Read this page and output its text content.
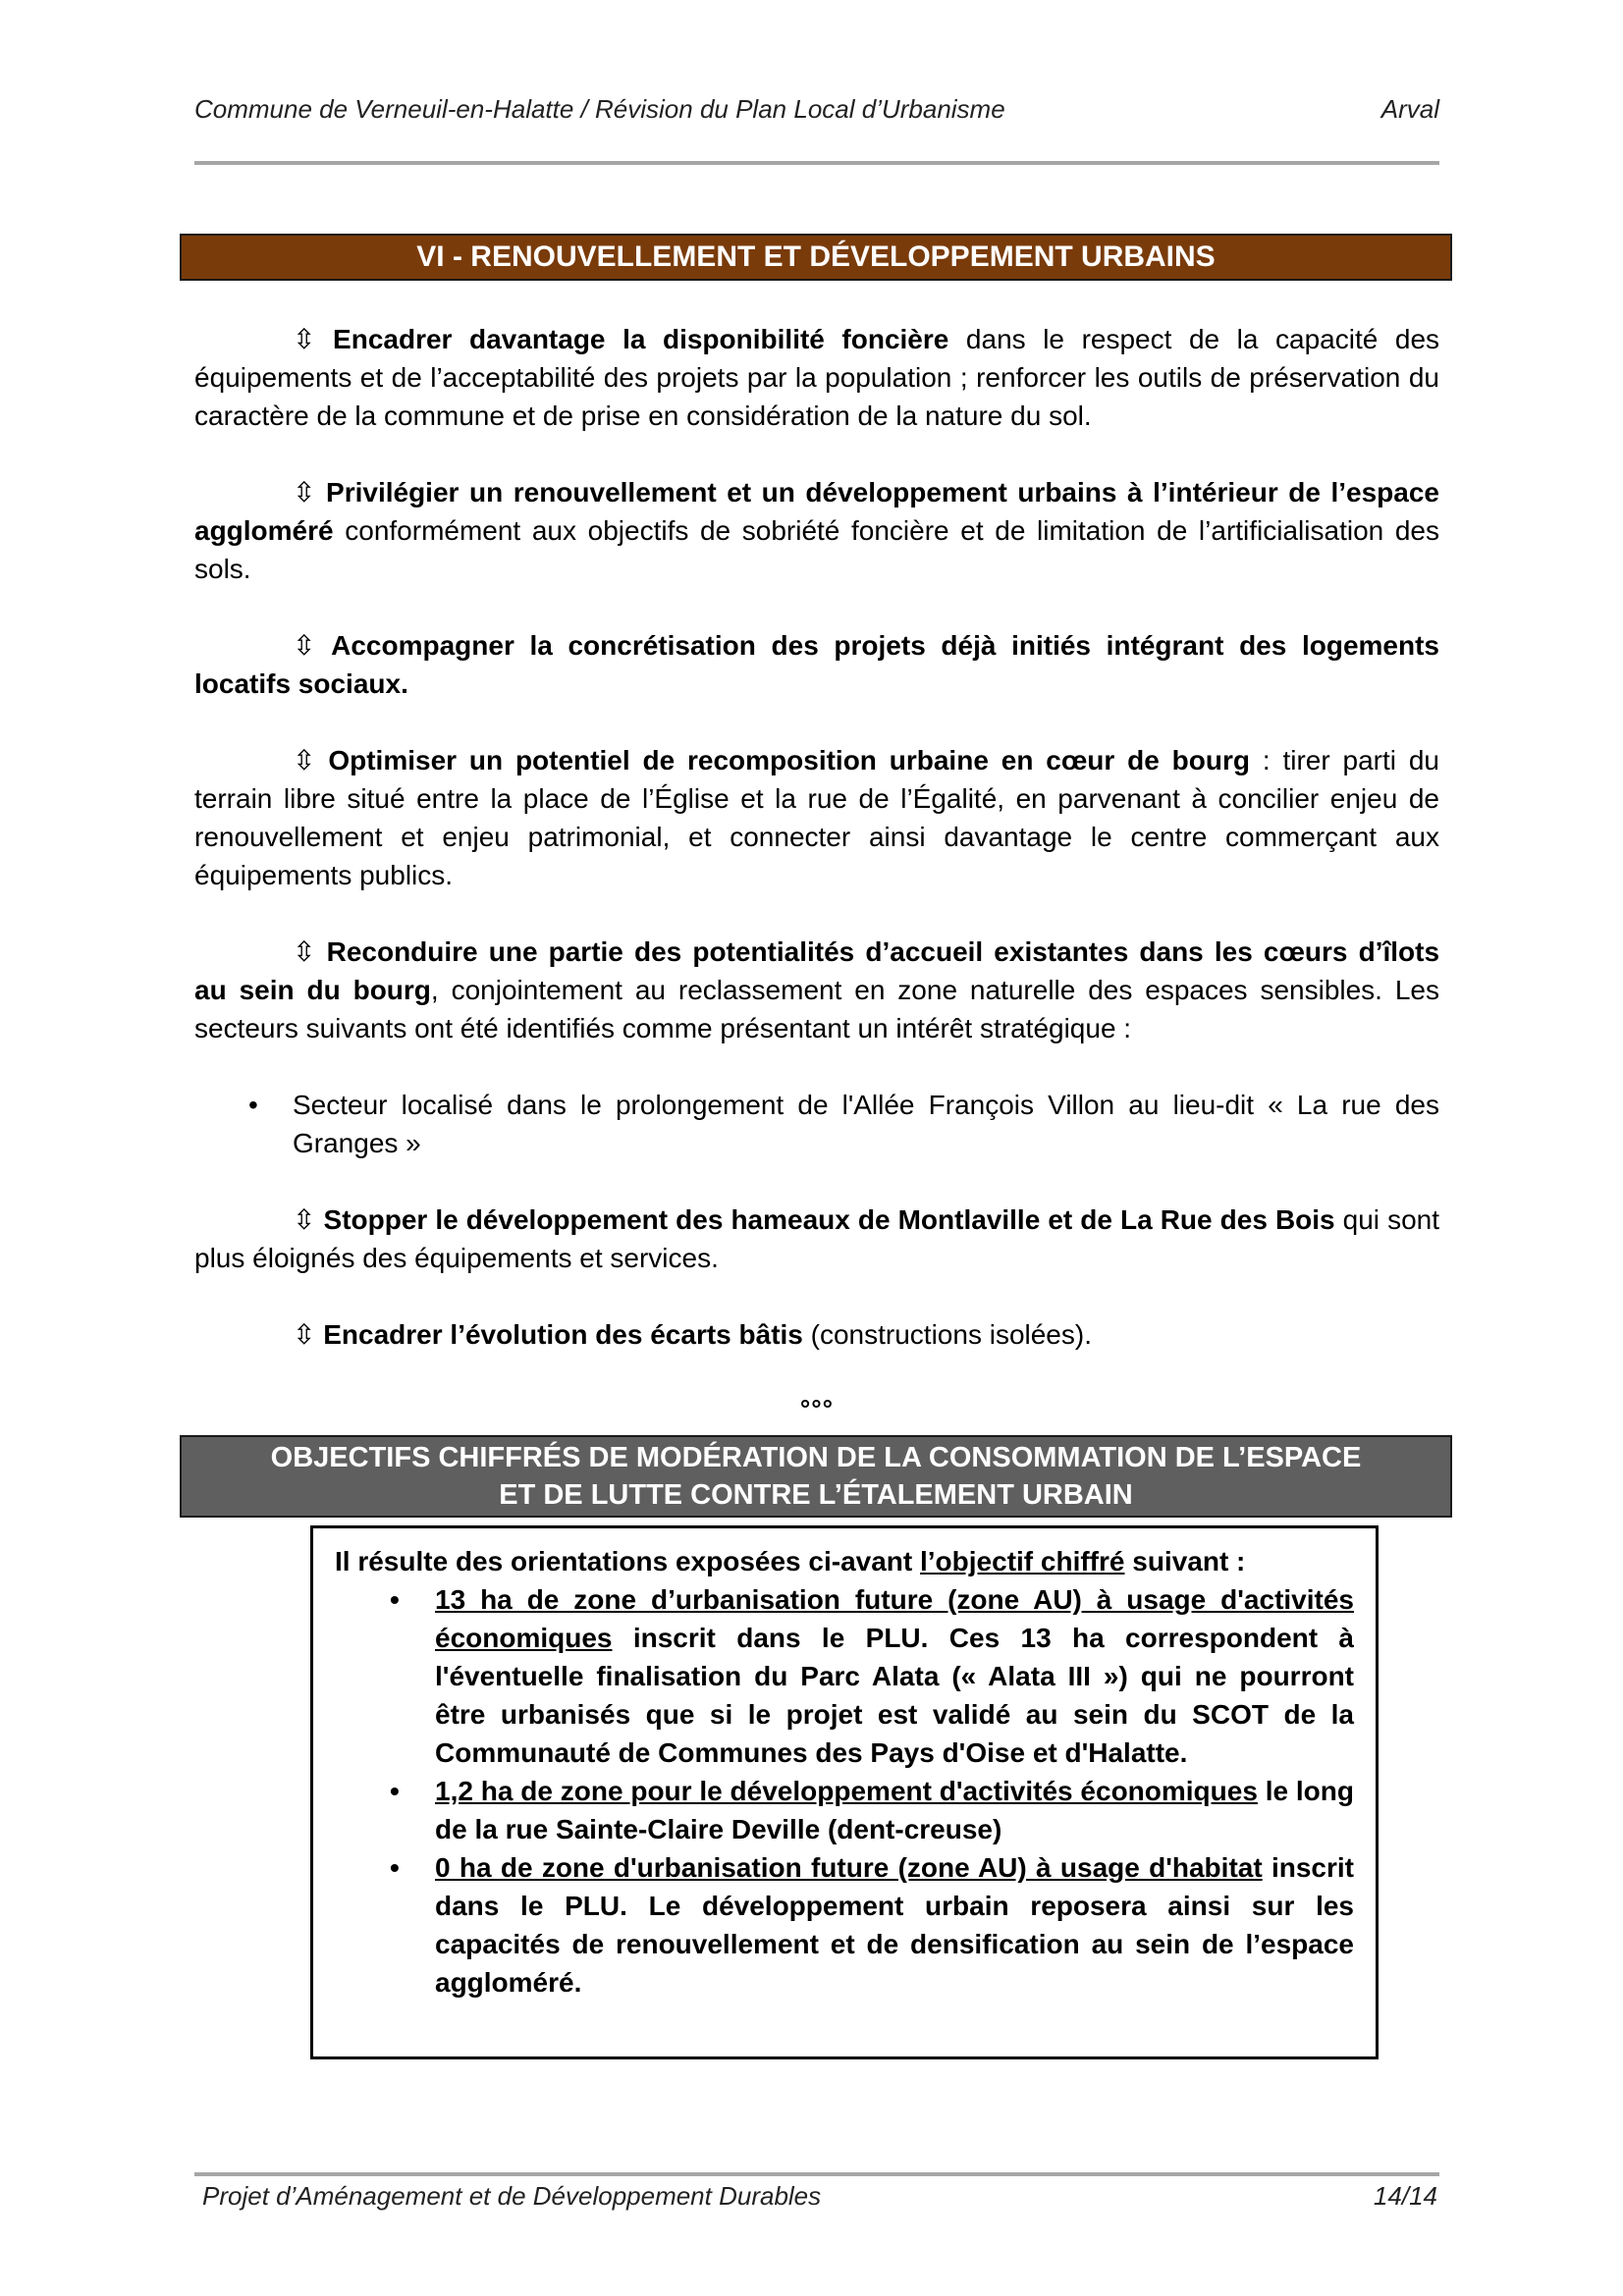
Commune de Verneuil-en-Halatte / Révision du Plan Local d’Urbanisme	Arval
VI - RENOUVELLEMENT ET DÉVELOPPEMENT URBAINS

⇳ Encadrer davantage la disponibilité foncière dans le respect de la capacité des équipements et de l’acceptabilité des projets par la population ; renforcer les outils de préservation du caractère de la commune et de prise en considération de la nature du sol.

⇳ Privilégier un renouvellement et un développement urbains à l’intérieur de l’espace aggloméré conformément aux objectifs de sobriété foncière et de limitation de l’artificialisation des sols.

⇳ Accompagner la concrétisation des projets déjà initiés intégrant des logements locatifs sociaux.

⇳ Optimiser un potentiel de recomposition urbaine en cœur de bourg : tirer parti du terrain libre situé entre la place de l’Église et la rue de l’Égalité, en parvenant à concilier enjeu de renouvellement et enjeu patrimonial, et connecter ainsi davantage le centre commerçant aux équipements publics.

⇳ Reconduire une partie des potentialités d’accueil existantes dans les cœurs d’îlots au sein du bourg, conjointement au reclassement en zone naturelle des espaces sensibles. Les secteurs suivants ont été identifiés comme présentant un intérêt stratégique :

• Secteur localisé dans le prolongement de l'Allée François Villon au lieu-dit « La rue des Granges »

⇳ Stopper le développement des hameaux de Montlaville et de La Rue des Bois qui sont plus éloignés des équipements et services.

⇳ Encadrer l’évolution des écarts bâtis (constructions isolées).

°°°
OBJECTIFS CHIFFRÉS DE MODÉRATION DE LA CONSOMMATION DE L’ESPACE
ET DE LUTTE CONTRE L’ÉTALEMENT URBAIN

Il résulte des orientations exposées ci-avant l’objectif chiffré suivant :

• 13 ha de zone d’urbanisation future (zone AU) à usage d'activités économiques inscrit dans le PLU. Ces 13 ha correspondent à l'éventuelle finalisation du Parc Alata (« Alata III ») qui ne pourront être urbanisés que si le projet est validé au sein du SCOT de la Communauté de Communes des Pays d'Oise et d'Halatte.
• 1,2 ha de zone pour le développement d'activités économiques le long de la rue Sainte-Claire Deville (dent-creuse)
• 0 ha de zone d'urbanisation future (zone AU) à usage d'habitat inscrit dans le PLU. Le développement urbain reposera ainsi sur les capacités de renouvellement et de densification au sein de l’espace aggloméré.
Projet d’Aménagement et de Développement Durables	14/14
